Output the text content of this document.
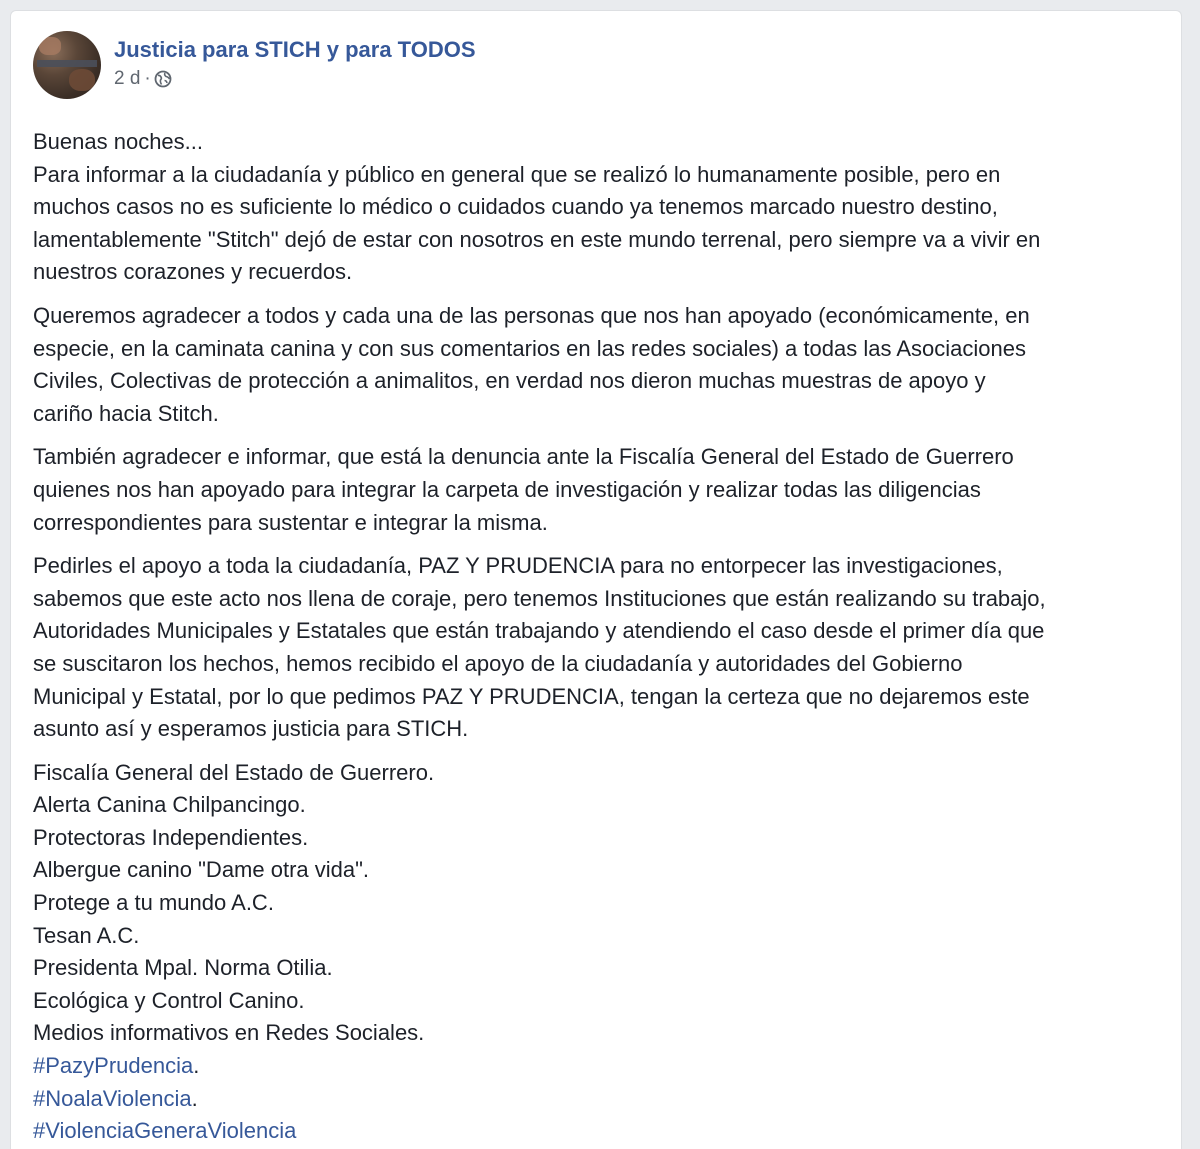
Justicia para STICH y para TODOS
2 d ·
Buenas noches...
Para informar a la ciudadanía y público en general que se realizó lo humanamente posible, pero en
muchos casos no es suficiente lo médico o cuidados cuando ya tenemos marcado nuestro destino,
lamentablemente "Stitch" dejó de estar con nosotros en este mundo terrenal, pero siempre va a vivir en
nuestros corazones y recuerdos.
Queremos agradecer a todos y cada una de las personas que nos han apoyado (económicamente, en
especie, en la caminata canina y con sus comentarios en las redes sociales) a todas las Asociaciones
Civiles, Colectivas de protección a animalitos, en verdad nos dieron muchas muestras de apoyo y
cariño hacia Stitch.
También agradecer e informar, que está la denuncia ante la Fiscalía General del Estado de Guerrero
quienes nos han apoyado para integrar la carpeta de investigación y realizar todas las diligencias
correspondientes para sustentar e integrar la misma.
Pedirles el apoyo a toda la ciudadanía, PAZ Y PRUDENCIA para no entorpecer las investigaciones,
sabemos que este acto nos llena de coraje, pero tenemos Instituciones que están realizando su trabajo,
Autoridades Municipales y Estatales que están trabajando y atendiendo el caso desde el primer día que
se suscitaron los hechos, hemos recibido el apoyo de la ciudadanía y autoridades del Gobierno
Municipal y Estatal, por lo que pedimos PAZ Y PRUDENCIA, tengan la certeza que no dejaremos este
asunto así y esperamos justicia para STICH.
Fiscalía General del Estado de Guerrero.
Alerta Canina Chilpancingo.
Protectoras Independientes.
Albergue canino "Dame otra vida".
Protege a tu mundo A.C.
Tesan A.C.
Presidenta Mpal. Norma Otilia.
Ecológica y Control Canino.
Medios informativos en Redes Sociales.
#PazyPrudencia.
#NoalaViolencia.
#ViolenciaGeneraViolencia
